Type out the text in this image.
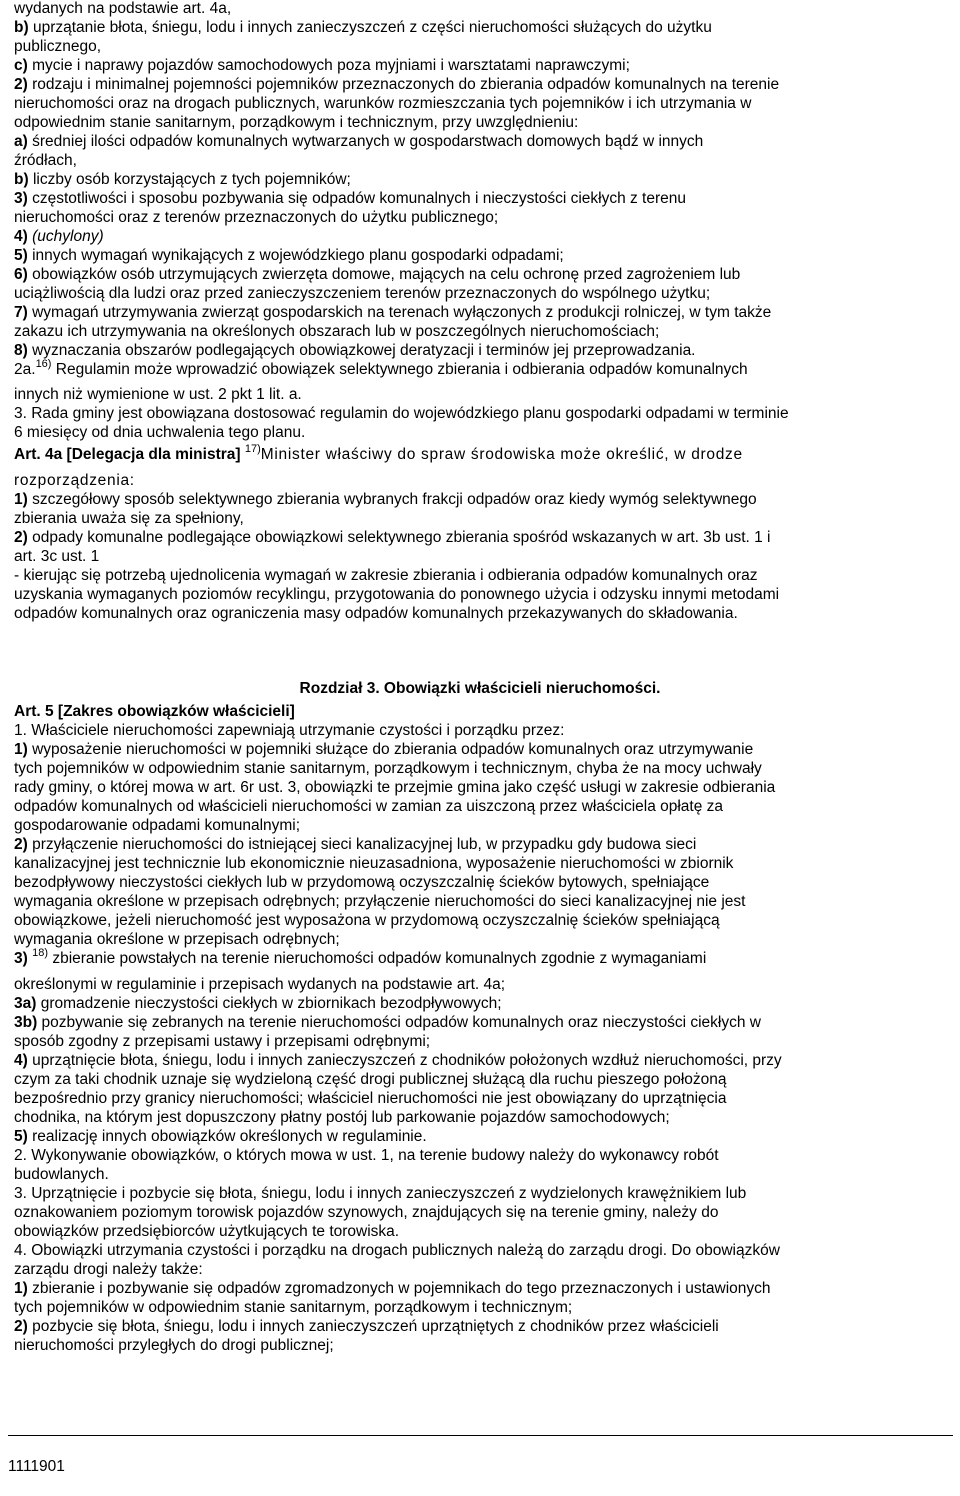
wydanych na podstawie art. 4a,
b) uprzątanie błota, śniegu, lodu i innych zanieczyszczeń z części nieruchomości służących do użytku
publicznego,
c) mycie i naprawy pojazdów samochodowych poza myjniami i warsztatami naprawczymi;
2) rodzaju i minimalnej pojemności pojemników przeznaczonych do zbierania odpadów komunalnych na terenie
nieruchomości oraz na drogach publicznych, warunków rozmieszczania tych pojemników i ich utrzymania w
odpowiednim stanie sanitarnym, porządkowym i technicznym, przy uwzględnieniu:
a) średniej ilości odpadów komunalnych wytwarzanych w gospodarstwach domowych bądź w innych
źródłach,
b) liczby osób korzystających z tych pojemników;
3) częstotliwości i sposobu pozbywania się odpadów komunalnych i nieczystości ciekłych z terenu
nieruchomości oraz z terenów przeznaczonych do użytku publicznego;
4) (uchylony)
5) innych wymagań wynikających z wojewódzkiego planu gospodarki odpadami;
6) obowiązków osób utrzymujących zwierzęta domowe, mających na celu ochronę przed zagrożeniem lub
uciążliwością dla ludzi oraz przed zanieczyszczeniem terenów przeznaczonych do wspólnego użytku;
7) wymagań utrzymywania zwierząt gospodarskich na terenach wyłączonych z produkcji rolniczej, w tym także
zakazu ich utrzymywania na określonych obszarach lub w poszczególnych nieruchomościach;
8) wyznaczania obszarów podlegających obowiązkowej deratyzacji i terminów jej przeprowadzania.
2a.$^{16)}$ Regulamin może wprowadzić obowiązek selektywnego zbierania i odbierania odpadów komunalnych
innych niż wymienione w ust. 2 pkt 1 lit. a.
3. Rada gminy jest obowiązana dostosować regulamin do wojewódzkiego planu gospodarki odpadami w terminie
6 miesięcy od dnia uchwalenia tego planu.
Art. 4a [Delegacja dla ministra] $^{17)}$Minister właściwy do spraw środowiska może określić, w drodze
rozporządzenia:
1) szczegółowy sposób selektywnego zbierania wybranych frakcji odpadów oraz kiedy wymóg selektywnego
zbierania uważa się za spełniony,
2) odpady komunalne podlegające obowiązkowi selektywnego zbierania spośród wskazanych w art. 3b ust. 1 i
art. 3c ust. 1
- kierując się potrzebą ujednolicenia wymagań w zakresie zbierania i odbierania odpadów komunalnych oraz
uzyskania wymaganych poziomów recyklingu, przygotowania do ponownego użycia i odzysku innymi metodami
odpadów komunalnych oraz ograniczenia masy odpadów komunalnych przekazywanych do składowania.
Rozdział 3. Obowiązki właścicieli nieruchomości.
Art. 5 [Zakres obowiązków właścicieli]
1. Właściciele nieruchomości zapewniają utrzymanie czystości i porządku przez:
1) wyposażenie nieruchomości w pojemniki służące do zbierania odpadów komunalnych oraz utrzymywanie
tych pojemników w odpowiednim stanie sanitarnym, porządkowym i technicznym, chyba że na mocy uchwały
rady gminy, o której mowa w art. 6r ust. 3, obowiązki te przejmie gmina jako część usługi w zakresie odbierania
odpadów komunalnych od właścicieli nieruchomości w zamian za uiszczoną przez właściciela opłatę za
gospodarowanie odpadami komunalnymi;
2) przyłączenie nieruchomości do istniejącej sieci kanalizacyjnej lub, w przypadku gdy budowa sieci
kanalizacyjnej jest technicznie lub ekonomicznie nieuzasadniona, wyposażenie nieruchomości w zbiornik
bezodpływowy nieczystości ciekłych lub w przydomową oczyszczalnię ścieków bytowych, spełniające
wymagania określone w przepisach odrębnych; przyłączenie nieruchomości do sieci kanalizacyjnej nie jest
obowiązkowe, jeżeli nieruchomość jest wyposażona w przydomową oczyszczalnię ścieków spełniającą
wymagania określone w przepisach odrębnych;
3) $^{18)}$ zbieranie powstałych na terenie nieruchomości odpadów komunalnych zgodnie z wymaganiami
określonymi w regulaminie i przepisach wydanych na podstawie art. 4a;
3a) gromadzenie nieczystości ciekłych w zbiornikach bezodpływowych;
3b) pozbywanie się zebranych na terenie nieruchomości odpadów komunalnych oraz nieczystości ciekłych w
sposób zgodny z przepisami ustawy i przepisami odrębnymi;
4) uprzątnięcie błota, śniegu, lodu i innych zanieczyszczeń z chodników położonych wzdłuż nieruchomości, przy
czym za taki chodnik uznaje się wydzieloną część drogi publicznej służącą dla ruchu pieszego położoną
bezpośrednio przy granicy nieruchomości; właściciel nieruchomości nie jest obowiązany do uprzątnięcia
chodnika, na którym jest dopuszczony płatny postój lub parkowanie pojazdów samochodowych;
5) realizację innych obowiązków określonych w regulaminie.
2. Wykonywanie obowiązków, o których mowa w ust. 1, na terenie budowy należy do wykonawcy robót
budowlanych.
3. Uprzątnięcie i pozbycie się błota, śniegu, lodu i innych zanieczyszczeń z wydzielonych krawężnikiem lub
oznakowaniem poziomym torowisk pojazdów szynowych, znajdujących się na terenie gminy, należy do
obowiązków przedsiębiorców użytkujących te torowiska.
4. Obowiązki utrzymania czystości i porządku na drogach publicznych należą do zarządu drogi. Do obowiązków
zarządu drogi należy także:
1) zbieranie i pozbywanie się odpadów zgromadzonych w pojemnikach do tego przeznaczonych i ustawionych
tych pojemników w odpowiednim stanie sanitarnym, porządkowym i technicznym;
2) pozbycie się błota, śniegu, lodu i innych zanieczyszczeń uprzątniętych z chodników przez właścicieli
nieruchomości przyległych do drogi publicznej;
1111901
